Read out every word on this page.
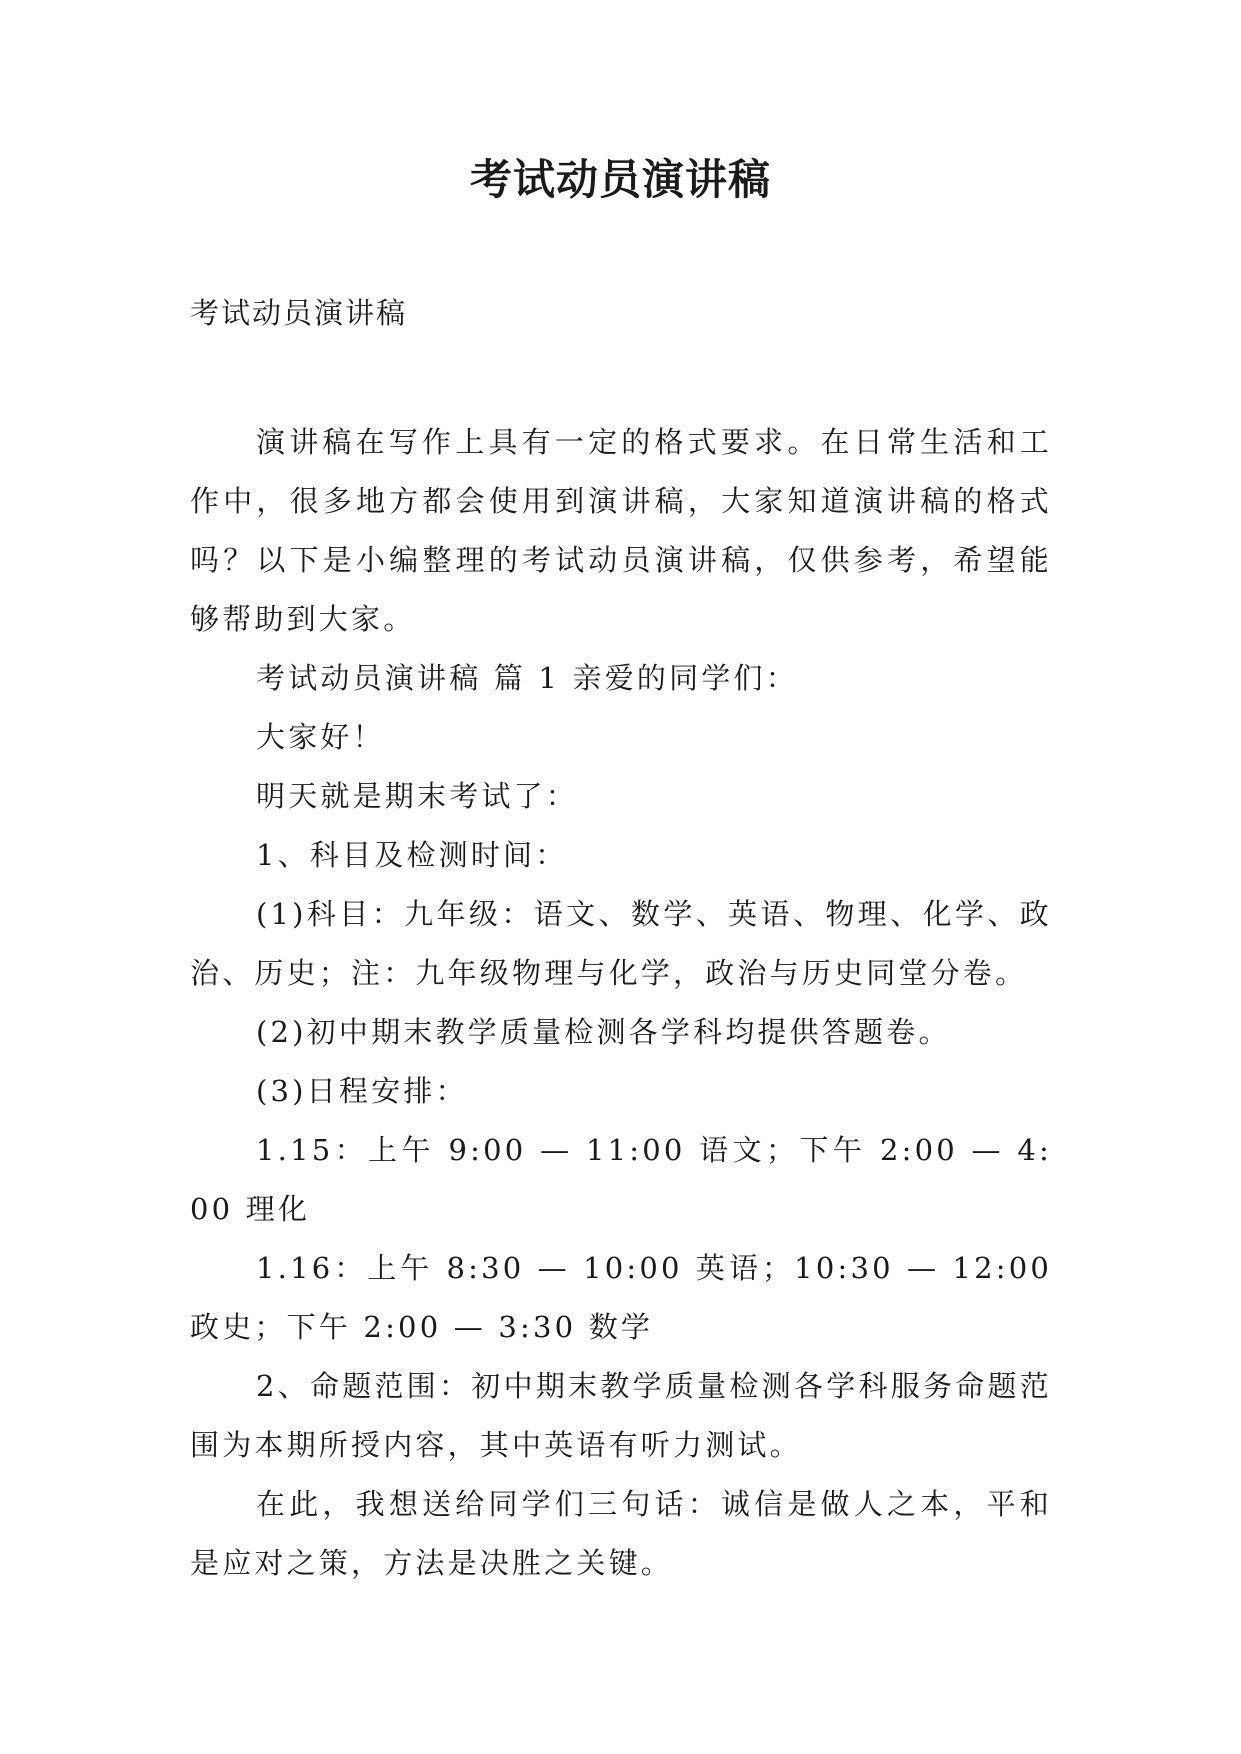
考试动员演讲稿

考试动员演讲稿

演讲稿在写作上具有一定的格式要求。在日常生活和工作中，很多地方都会使用到演讲稿，大家知道演讲稿的格式吗？以下是小编整理的考试动员演讲稿，仅供参考，希望能够帮助到大家。

考试动员演讲稿 篇 1 亲爱的同学们：

大家好！

明天就是期末考试了：

1、科目及检测时间：

(1)科目：九年级：语文、数学、英语、物理、化学、政治、历史；注：九年级物理与化学，政治与历史同堂分卷。

(2)初中期末教学质量检测各学科均提供答题卷。

(3)日程安排：

1.15：上午 9:00 — 11:00 语文；下午 2:00 — 4:00 理化

1.16：上午 8:30 — 10:00 英语；10:30 — 12:00 政史；下午 2:00 — 3:30 数学

2、命题范围：初中期末教学质量检测各学科服务命题范围为本期所授内容，其中英语有听力测试。

在此，我想送给同学们三句话：诚信是做人之本，平和是应对之策，方法是决胜之关键。
